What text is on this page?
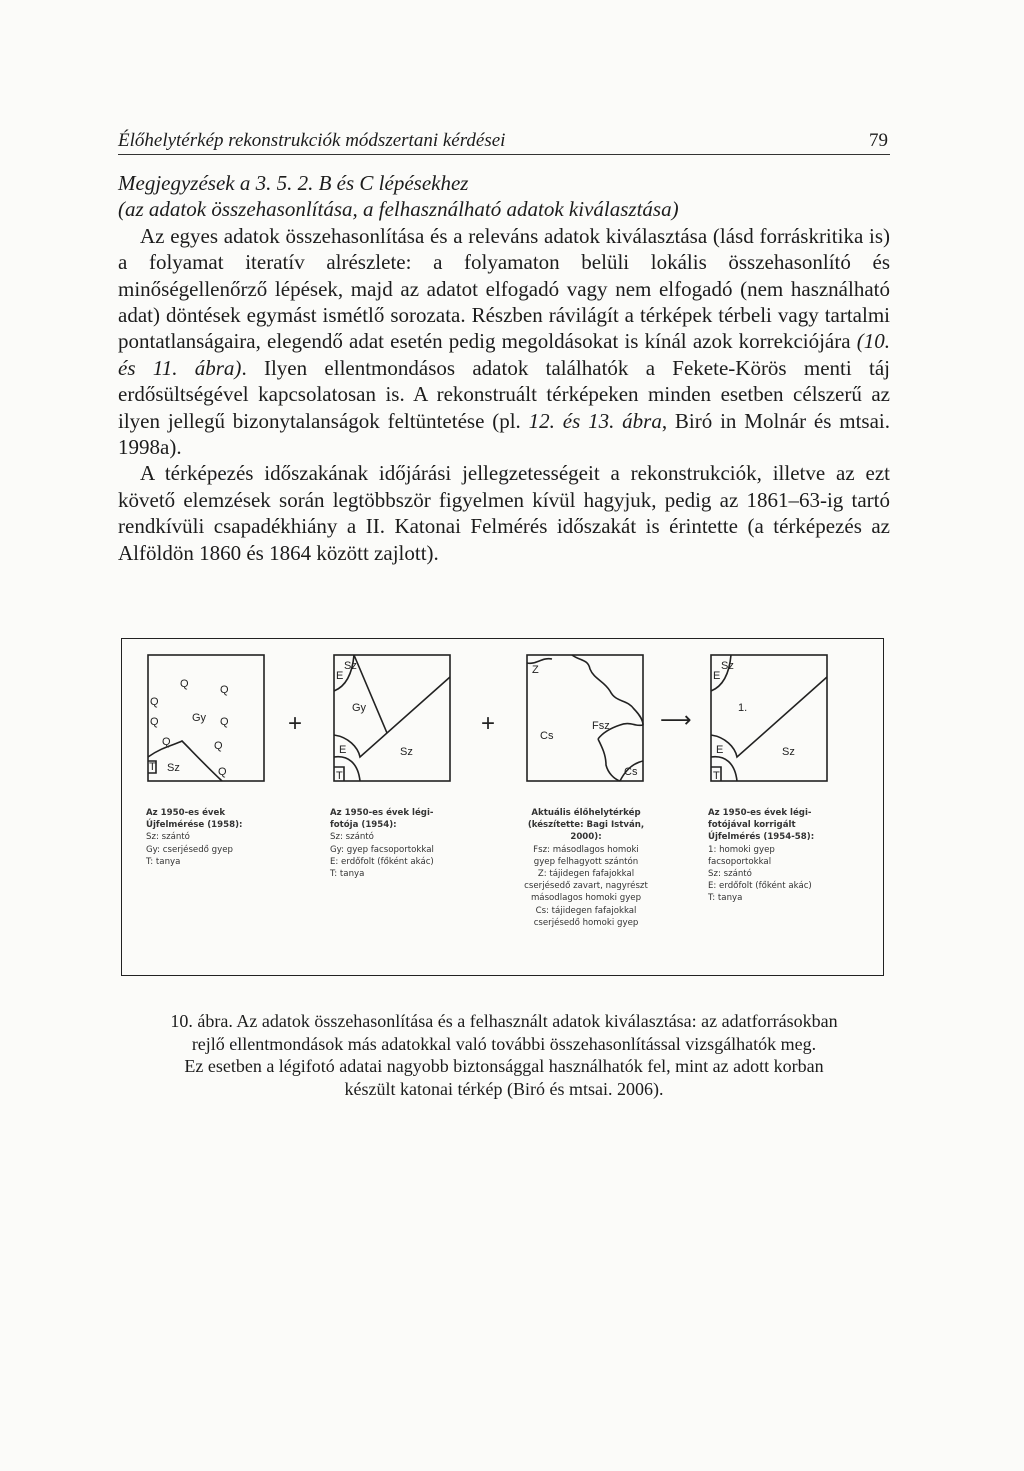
Élőhelytérkép rekonstrukciók módszertani kérdései	79

Megjegyzések a 3. 5. 2. B és C lépésekhez

(az adatok összehasonlítása, a felhasználható adatok kiválasztása)

Az egyes adatok összehasonlítása és a releváns adatok kiválasztása (lásd forráskritika is) a folyamat iteratív alrészlete: a folyamaton belüli lokális összehasonlító és minőségellenőrző lépések, majd az adatot elfogadó vagy nem elfogadó (nem használható adat) döntések egymást ismétlő sorozata. Részben rávilágít a térképek térbeli vagy tartalmi pontatlanságaira, elegendő adat esetén pedig megoldásokat is kínál azok korrekciójára (10. és 11. ábra). Ilyen ellentmondásos adatok találhatók a Fekete-Körös menti táj erdősültségével kapcsolatosan is. A rekonstruált térképeken minden esetben célszerű az ilyen jellegű bizonytalanságok feltüntetése (pl. 12. és 13. ábra, Biró in Molnár és mtsai. 1998a).

A térképezés időszakának időjárási jellegzetességeit a rekonstrukciók, illetve az ezt követő elemzések során legtöbbször figyelmen kívül hagyjuk, pedig az 1861–63-ig tartó rendkívüli csapadékhiány a II. Katonai Felmérés időszakát is érintette (a térképezés az Alföldön 1860 és 1864 között zajlott).

Q	Q
Q
Gy Q
Q
Q	Q
Q
Sz
T
Sz
E
Gy
E	Sz
T
Z
Cs
Fsz
Cs
Sz
E
1.
E	Sz
T
+	+	⟶
Az 1950-es évek
Újfelmérése (1958):
Sz: szántó
Gy: cserjésedő gyep
T: tanya
Az 1950-es évek légi-
fotója (1954):
Sz: szántó
Gy: gyep facsoportokkal
E: erdőfolt (főként akác)
T: tanya
Aktuális élőhelytérkép
(készítette: Bagi István,
2000):
Fsz: másodlagos homoki
gyep felhagyott szántón
Z: tájidegen fafajokkal
cserjésedő zavart, nagyrészt
másodlagos homoki gyep
Cs: tájidegen fafajokkal
cserjésedő homoki gyep
Az 1950-es évek légi-
fotójával korrigált
Újfelmérés (1954-58):
1: homoki gyep
facsoportokkal
Sz: szántó
E: erdőfolt (főként akác)
T: tanya
10. ábra. Az adatok összehasonlítása és a felhasznált adatok kiválasztása: az adatforrásokban
rejlő ellentmondások más adatokkal való további összehasonlítással vizsgálhatók meg.
Ez esetben a légifotó adatai nagyobb biztonsággal használhatók fel, mint az adott korban
készült katonai térkép (Biró és mtsai. 2006).
